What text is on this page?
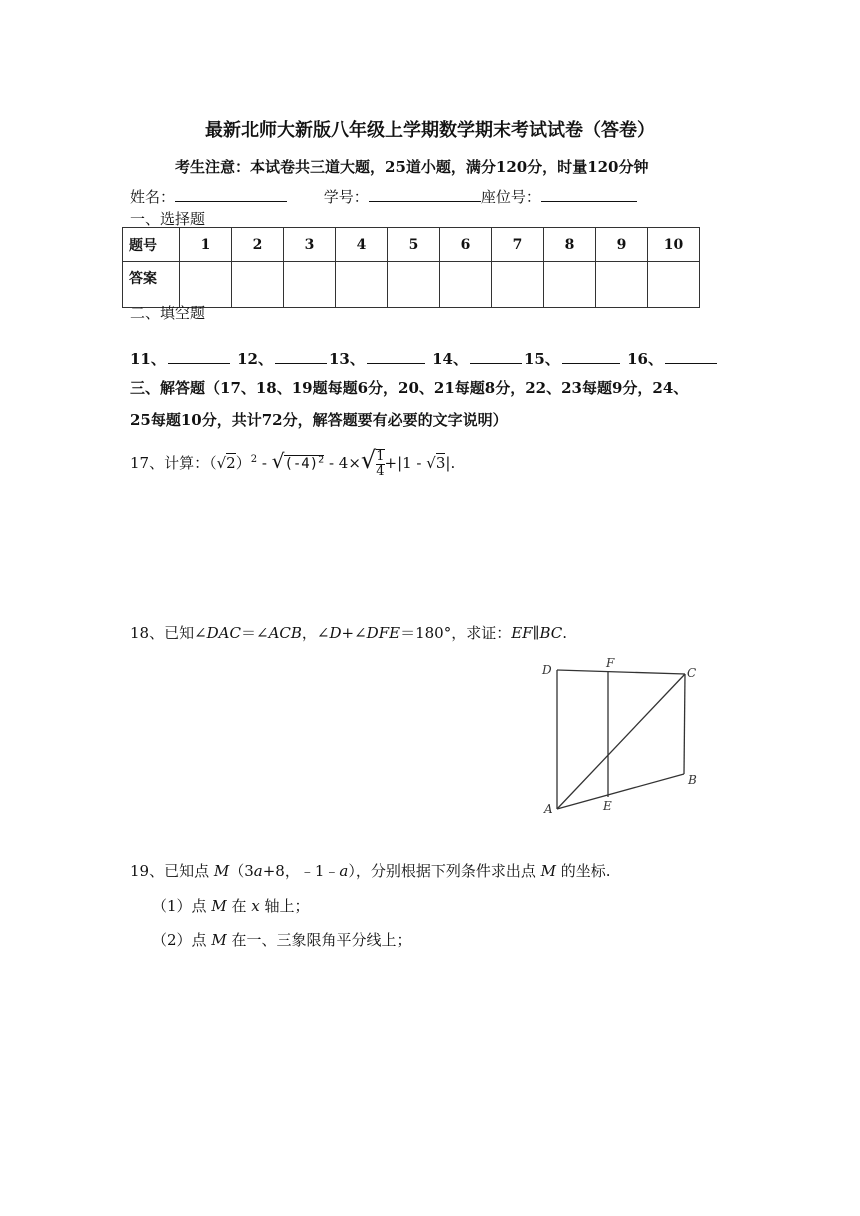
最新北师大新版八年级上学期数学期末考试试卷（答卷）
考生注意：本试卷共三道大题，25道小题，满分120分，时量120分钟
姓名：	学号：	座位号：
一、选择题
题号	1	2	3	4	5	6	7	8	9	10
答案										
二、填空题
11、	12、	13、	14、	15、	16、
三、解答题（17、18、19题每题6分，20、21每题8分，22、23每题9分，24、
25每题10分，共计72分，解答题要有必要的文字说明）
17、计算：$(√2)^2 - √(-4)^2 - 4\times√ \frac{1}{4} +|1 - √3|$.
18、已知∠DAC＝∠ACB，∠D+∠DFE＝180°，求证：EF∥BC.
D	F
C
B
A	E
19、已知点 M（3a+8，﹣1﹣a），分别根据下列条件求出点 M 的坐标.
（1）点 M 在 x 轴上；
（2）点 M 在一、三象限角平分线上；
